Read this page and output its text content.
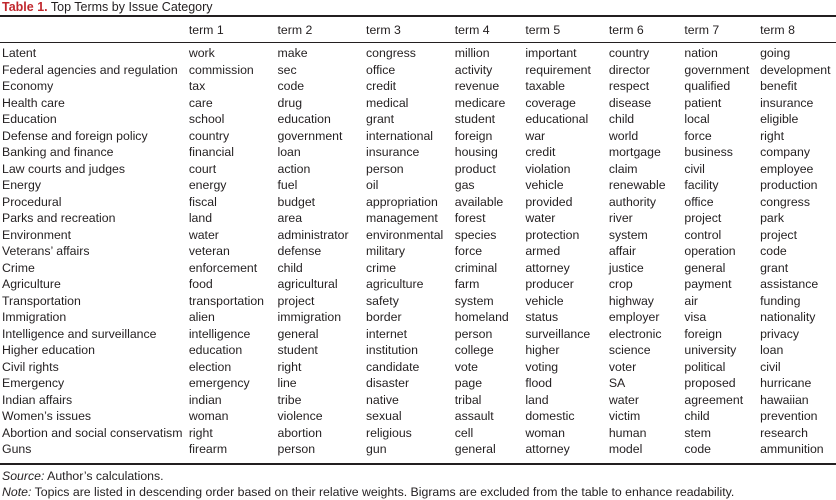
Table 1. Top Terms by Issue Category
	term 1	term 2	term 3	term 4	term 5	term 6	term 7	term 8

Latent	work	make	congress	million	important	country	nation	going
Federal agencies and regulation	commission	sec	office	activity	requirement	director	government	development
Economy	tax	code	credit	revenue	taxable	respect	qualified	benefit
Health care	care	drug	medical	medicare	coverage	disease	patient	insurance
Education	school	education	grant	student	educational	child	local	eligible
Defense and foreign policy	country	government	international	foreign	war	world	force	right
Banking and finance	financial	loan	insurance	housing	credit	mortgage	business	company
Law courts and judges	court	action	person	product	violation	claim	civil	employee
Energy	energy	fuel	oil	gas	vehicle	renewable	facility	production
Procedural	fiscal	budget	appropriation	available	provided	authority	office	congress
Parks and recreation	land	area	management	forest	water	river	project	park
Environment	water	administrator	environmental	species	protection	system	control	project
Veterans’ affairs	veteran	defense	military	force	armed	affair	operation	code
Crime	enforcement	child	crime	criminal	attorney	justice	general	grant
Agriculture	food	agricultural	agriculture	farm	producer	crop	payment	assistance
Transportation	transportation	project	safety	system	vehicle	highway	air	funding
Immigration	alien	immigration	border	homeland	status	employer	visa	nationality
Intelligence and surveillance	intelligence	general	internet	person	surveillance	electronic	foreign	privacy
Higher education	education	student	institution	college	higher	science	university	loan
Civil rights	election	right	candidate	vote	voting	voter	political	civil
Emergency	emergency	line	disaster	page	flood	SA	proposed	hurricane
Indian affairs	indian	tribe	native	tribal	land	water	agreement	hawaiian
Women’s issues	woman	violence	sexual	assault	domestic	victim	child	prevention
Abortion and social conservatism	right	abortion	religious	cell	woman	human	stem	research
Guns	firearm	person	gun	general	attorney	model	code	ammunition
Source: Author’s calculations.
Note: Topics are listed in descending order based on their relative weights. Bigrams are excluded from the table to enhance readability.
